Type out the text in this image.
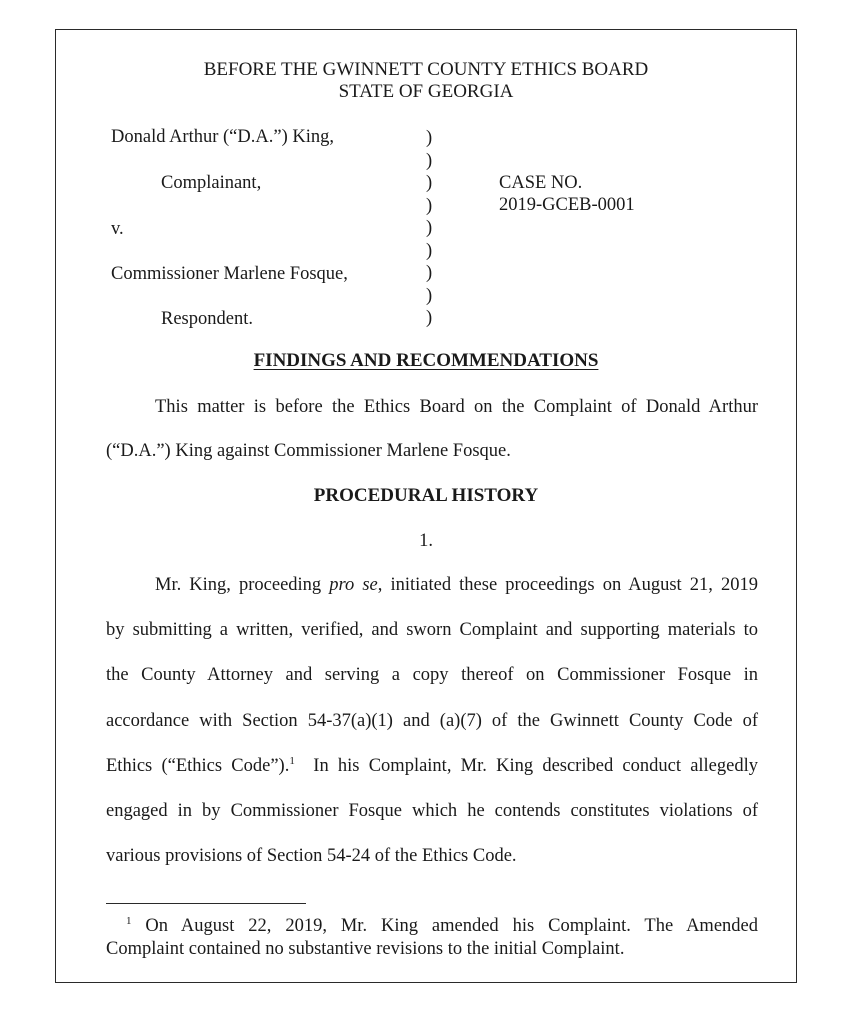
BEFORE THE GWINNETT COUNTY ETHICS BOARD
STATE OF GEORGIA
Donald Arthur (“D.A.”) King,
Complainant,
v.
Commissioner Marlene Fosque,
Respondent.
)
)
)
)
)
)
)
)
)
CASE NO.
2019-GCEB-0001
FINDINGS AND RECOMMENDATIONS
This matter is before the Ethics Board on the Complaint of Donald Arthur
(“D.A.”) King against Commissioner Marlene Fosque.
PROCEDURAL HISTORY
1.
Mr. King, proceeding pro se, initiated these proceedings on August 21, 2019
by submitting a written, verified, and sworn Complaint and supporting materials to
the County Attorney and serving a copy thereof on Commissioner Fosque in
accordance with Section 54-37(a)(1) and (a)(7) of the Gwinnett County Code of
Ethics (“Ethics Code”).$^1$  In his Complaint, Mr. King described conduct allegedly
engaged in by Commissioner Fosque which he contends constitutes violations of
various provisions of Section 54-24 of the Ethics Code.
$^1$ On August 22, 2019, Mr. King amended his Complaint. The Amended
Complaint contained no substantive revisions to the initial Complaint.
